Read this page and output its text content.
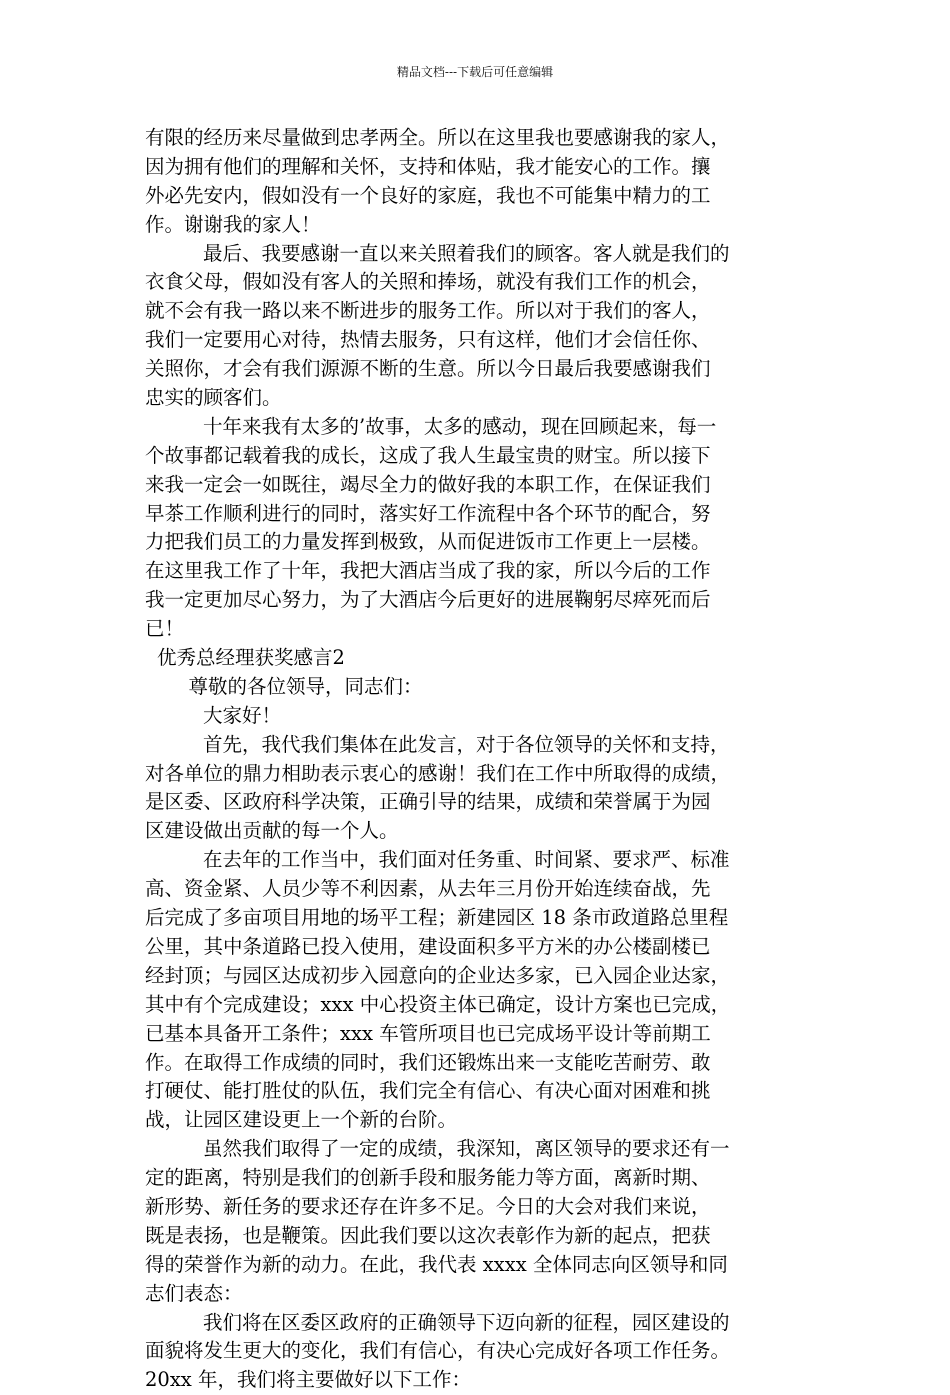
精品文档---下载后可任意编辑
有限的经历来尽量做到忠孝两全。所以在这里我也要感谢我的家人，
因为拥有他们的理解和关怀，支持和体贴，我才能安心的工作。攘
外必先安内，假如没有一个良好的家庭，我也不可能集中精力的工
作。谢谢我的家人！
最后、我要感谢一直以来关照着我们的顾客。客人就是我们的
衣食父母，假如没有客人的关照和捧场，就没有我们工作的机会，
就不会有我一路以来不断进步的服务工作。所以对于我们的客人，
我们一定要用心对待，热情去服务，只有这样，他们才会信任你、
关照你，才会有我们源源不断的生意。所以今日最后我要感谢我们
忠实的顾客们。
十年来我有太多的’故事，太多的感动，现在回顾起来，每一
个故事都记载着我的成长，这成了我人生最宝贵的财宝。所以接下
来我一定会一如既往，竭尽全力的做好我的本职工作，在保证我们
早茶工作顺利进行的同时，落实好工作流程中各个环节的配合，努
力把我们员工的力量发挥到极致，从而促进饭市工作更上一层楼。
在这里我工作了十年，我把大酒店当成了我的家，所以今后的工作
我一定更加尽心努力，为了大酒店今后更好的进展鞠躬尽瘁死而后
已！
优秀总经理获奖感言2
尊敬的各位领导，同志们：
大家好！
首先，我代我们集体在此发言，对于各位领导的关怀和支持，
对各单位的鼎力相助表示衷心的感谢！我们在工作中所取得的成绩，
是区委、区政府科学决策，正确引导的结果，成绩和荣誉属于为园
区建设做出贡献的每一个人。
在去年的工作当中，我们面对任务重、时间紧、要求严、标准
高、资金紧、人员少等不利因素，从去年三月份开始连续奋战，先
后完成了多亩项目用地的场平工程；新建园区 18 条市政道路总里程
公里，其中条道路已投入使用，建设面积多平方米的办公楼副楼已
经封顶；与园区达成初步入园意向的企业达多家，已入园企业达家，
其中有个完成建设；xxx 中心投资主体已确定，设计方案也已完成，
已基本具备开工条件；xxx 车管所项目也已完成场平设计等前期工
作。在取得工作成绩的同时，我们还锻炼出来一支能吃苦耐劳、敢
打硬仗、能打胜仗的队伍，我们完全有信心、有决心面对困难和挑
战，让园区建设更上一个新的台阶。
虽然我们取得了一定的成绩，我深知，离区领导的要求还有一
定的距离，特别是我们的创新手段和服务能力等方面，离新时期、
新形势、新任务的要求还存在许多不足。今日的大会对我们来说，
既是表扬，也是鞭策。因此我们要以这次表彰作为新的起点，把获
得的荣誉作为新的动力。在此，我代表 xxxx 全体同志向区领导和同
志们表态：
我们将在区委区政府的正确领导下迈向新的征程，园区建设的
面貌将发生更大的变化，我们有信心，有决心完成好各项工作任务。
20xx 年，我们将主要做好以下工作：
